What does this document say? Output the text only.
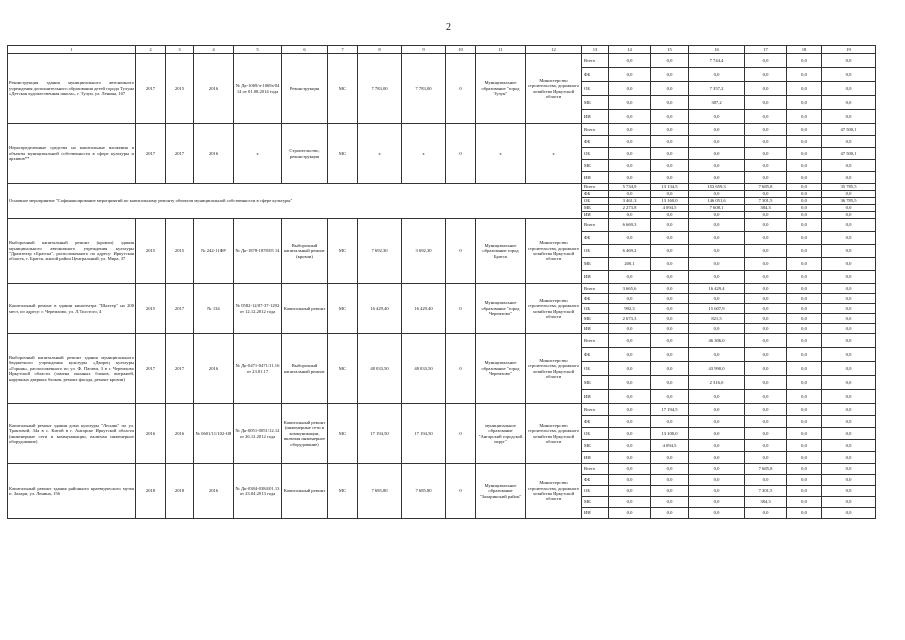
2
1	2	3	4	5	6	7	8	9	10	11	12	13	14	15	16	17	18	19
Реконструкция здания муниципального автономного учреждения дополнительного образования детей города Тулуна «Детская художественная школа», г. Тулун, ул. Ленина, 107	2017	2015	2016	№ Дк-1069/ч-1069з/04 14 от 01.08.2014 года	Реконструкция	МС	7 783,00	7 783,00	0	Муниципальное образование "город Тулун"	Министерство строительства, дорожного хозяйства Иркутской области	Всего	0,0	0,0	7 744,4	0,0	0,0	0,0
												ФБ	0,0	0,0	0,0	0,0	0,0	0,0
												ОБ	0,0	0,0	7 357,2	0,0	0,0	0,0
												МБ	0,0	0,0	387,2	0,0	0,0	0,0
												ИИ	0,0	0,0	0,0	0,0	0,0	0,0
Нераспределенные средства на капитальные вложения в объекты муниципальной собственности в сфере культуры и архивов**	2017	2017	2016	х	Строительство, реконструкция	МС	х	х	0	х	х	Всего	0,0	0,0	0,0	0,0	0,0	47 500,1
												ФБ	0,0	0,0	0,0	0,0	0,0	0,0
												ОБ	0,0	0,0	0,0	0,0	0,0	47 500,1
												МБ	0,0	0,0	0,0	0,0	0,0	0,0
												ИИ	0,0	0,0	0,0	0,0	0,0	0,0
Основное мероприятие "Софинансирование мероприятий по капитальному ремонту объектов муниципальной собственности в сфере культуры"												Всего	5 734,9	13 134,5	153 659,3	7 685,8	0,0	35 785,5
												ФБ	0,0	0,0	0,0	0,0	0,0	0,0
												ОБ	3 461,3	13 160,0	146 051,6	7 301,5	0,0	36 785,5
												МБ	2 273,8	4 094,5	7 608,1	384,3	0,0	0,0
												ИИ	0,0	0,0	0,0	0,0	0,0	0,0
Выборочный капитальный ремонт (кровли) здания муниципального автономного учреждения культуры "Драмтеатр г.Братска", расположенного по адресу: Иркутская область, г. Братск, жилой район Центральный, ул. Мира, 37	2015	2015	№ 242-11ФР	№ Дк-1878-1878/05 14	Выборочный капитальный ремонт (кровли)	МС	7 692,30	3 692,30	0	Муниципальное образование город Братск	Министерство строительства, дорожного хозяйства Иркутской области	Всего	6 669,3	0,0	0,0	0,0	0,0	0,0
												ФБ	0,0	0,0	0,0	0,0	0,0	0,0
												ОБ	6 469,2	0,0	0,0	0,0	0,0	0,0
												МБ	200,1	0,0	0,0	0,0	0,0	0,0
												ИИ	0,0	0,0	0,0	0,0	0,0	0,0
Капитальный ремонт в здании кинотеатра "Шахтер" на 200 мест, по адресу: г. Черемхово, ул. Л.Толстого, 4	2015	2017	№ 134	№ 0582-12/07-37-1292 от 12.12.2012 года	Капитальный ремонт	МС	16 429,40	16 429,40	0	Муниципальное образование "город Черемхово"	Министерство строительства, дорожного хозяйства Иркутской области	Всего	3 665,6	0,0	16 429,4	0,0	0,0	0,0
												ФБ	0,0	0,0	0,0	0,0	0,0	0,0
												ОБ	992,3	0,0	15 607,9	0,0	0,0	0,0
												МБ	2 673,3	0,0	821,5	0,0	0,0	0,0
												ИИ	0,0	0,0	0,0	0,0	0,0	0,0
Выборочный капитальный ремонт здания муниципального бюджетного учреждения культуры «Дворец культуры «Горняк», расположенного по ул. Ф. Пагави, 3 в г. Черемхово Иркутской области (замена оконных блоков, витражей, наружных дверных блоков, ремонт фасада, ремонт кровли)	2017	2017	2016	№ Дк-0471-0471/11.16 от 23.01.17	Выборочный капитальный ремонт	МС	48 033,50	48 033,50	0	Муниципальное образование "город Черемхово"	Министерство строительства, дорожного хозяйства Иркутской области	Всего	0,0	0,0	46 306,0	0,0	0,0	0,0
												ФБ	0,0	0,0	0,0	0,0	0,0	0,0
												ОБ	0,0	0,0	43 990,0	0,0	0,0	0,0
												МБ	0,0	0,0	2 316,0	0,0	0,0	0,0
												ИИ	0,0	0,0	0,0	0,0	0,0	0,0
Капитальный ремонт здания дома культуры "Лесник" по ул. Трактовой, 34а в с. Китой в г. Ангарске Иркутской области (инженерные сети и коммуникации, включая инженерное оборудование)	2016	2016	№ 0601/11/102-О8	№ Дк-0051-0051/12.12 от 26.12.2012 года	Капитальный ремонт (инженерные сети и коммуникации, включая инженерное оборудование)	МС	17 194,50	17 194,50	0	муниципальное образование "Ангарский городской округ"	Министерство строительства, дорожного хозяйства Иркутской области	Всего	0,0	17 194,5	0,0	0,0	0,0	0,0
												ФБ	0,0	0,0	0,0	0,0	0,0	0,0
												ОБ	0,0	13 100,0	0,0	0,0	0,0	0,0
												МБ	0,0	4 094,5	0,0	0,0	0,0	0,0
												ИИ	0,0	0,0	0,0	0,0	0,0	0,0
Капитальный ремонт здания районного краеведческого музея п. Залари, ул. Ленина, 156	2018	2018	2016	№ Дк-0384-0384/01.13 от 23.04.2013 года	Капитальный ремонт	МС	7 685,80	7 685,80	0	Муниципальное образование "Заларинский район"	Министерство строительства, дорожного хозяйства Иркутской области	Всего	0,0	0,0	0,0	7 685,8	0,0	0,0
												ФБ	0,0	0,0	0,0	0,0	0,0	0,0
												ОБ	0,0	0,0	0,0	7 301,5	0,0	0,0
												МБ	0,0	0,0	0,0	384,3	0,0	0,0
												ИИ	0,0	0,0	0,0	0,0	0,0	0,0
